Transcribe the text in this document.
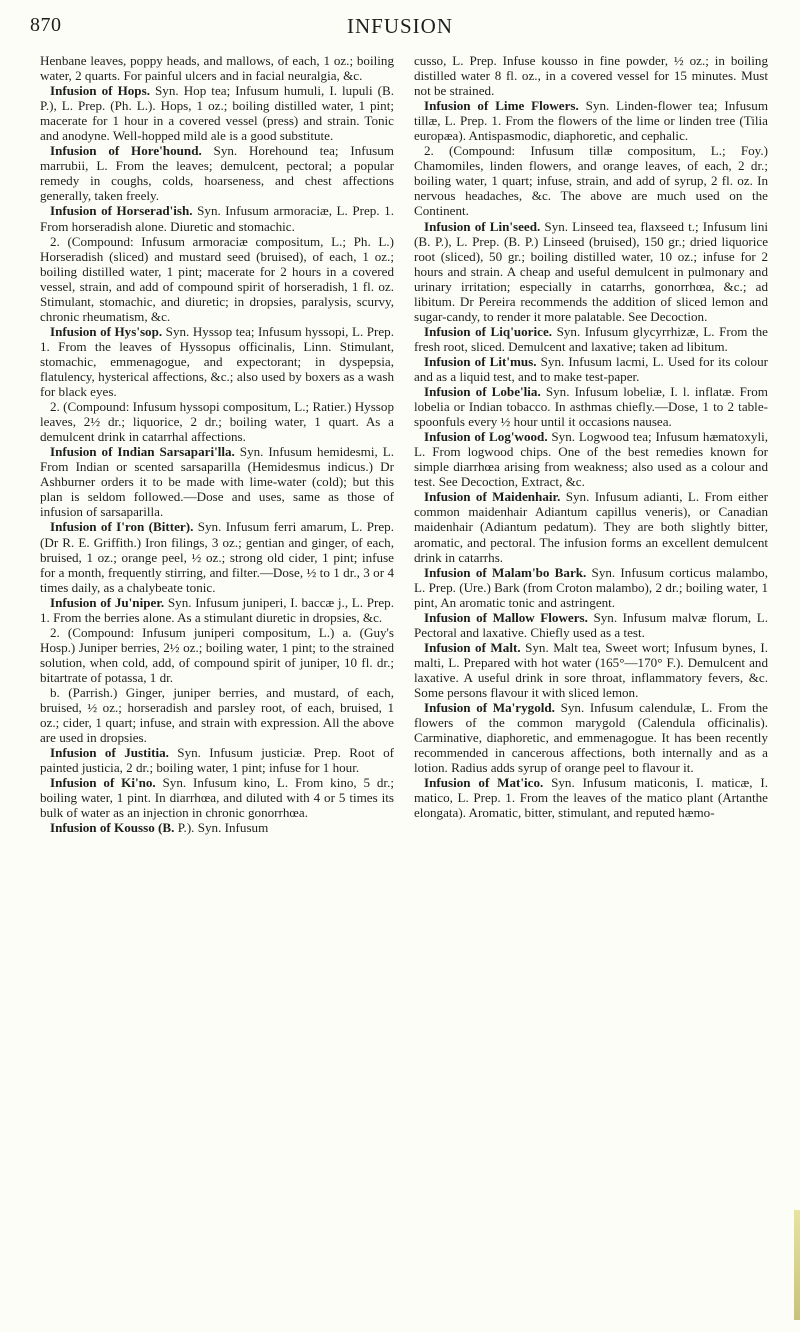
870	INFUSION

Henbane leaves, poppy heads, and mallows, of each, 1 oz.; boiling water, 2 quarts. For painful ulcers and in facial neuralgia, &c.

Infusion of Hops. Syn. Hop tea; Infusum humuli, I. lupuli (B. P.), L. Prep. (Ph. L.). Hops, 1 oz.; boiling distilled water, 1 pint; macerate for 1 hour in a covered vessel (press) and strain. Tonic and anodyne. Well-hopped mild ale is a good substitute.

Infusion of Hore'hound. Syn. Horehound tea; Infusum marrubii, L. From the leaves; demulcent, pectoral; a popular remedy in coughs, colds, hoarseness, and chest affections generally, taken freely.

Infusion of Horserad'ish. Syn. Infusum armoraciæ, L. Prep. 1. From horseradish alone. Diuretic and stomachic.

2. (Compound: Infusum armoraciæ compositum, L.; Ph. L.) Horseradish (sliced) and mustard seed (bruised), of each, 1 oz.; boiling distilled water, 1 pint; macerate for 2 hours in a covered vessel, strain, and add of compound spirit of horseradish, 1 fl. oz. Stimulant, stomachic, and diuretic; in dropsies, paralysis, scurvy, chronic rheumatism, &c.

Infusion of Hys'sop. Syn. Hyssop tea; Infusum hyssopi, L. Prep. 1. From the leaves of Hyssopus officinalis, Linn. Stimulant, stomachic, emmenagogue, and expectorant; in dyspepsia, flatulency, hysterical affections, &c.; also used by boxers as a wash for black eyes.

2. (Compound: Infusum hyssopi compositum, L.; Ratier.) Hyssop leaves, 2½ dr.; liquorice, 2 dr.; boiling water, 1 quart. As a demulcent drink in catarrhal affections.

Infusion of Indian Sarsapari'lla. Syn. Infusum hemidesmi, L. From Indian or scented sarsaparilla (Hemidesmus indicus.) Dr Ashburner orders it to be made with lime-water (cold); but this plan is seldom followed.—Dose and uses, same as those of infusion of sarsaparilla.

Infusion of I'ron (Bitter). Syn. Infusum ferri amarum, L. Prep. (Dr R. E. Griffith.) Iron filings, 3 oz.; gentian and ginger, of each, bruised, 1 oz.; orange peel, ½ oz.; strong old cider, 1 pint; infuse for a month, frequently stirring, and filter.—Dose, ½ to 1 dr., 3 or 4 times daily, as a chalybeate tonic.

Infusion of Ju'niper. Syn. Infusum juniperi, I. baccæ j., L. Prep. 1. From the berries alone. As a stimulant diuretic in dropsies, &c.

2. (Compound: Infusum juniperi compositum, L.) a. (Guy's Hosp.) Juniper berries, 2½ oz.; boiling water, 1 pint; to the strained solution, when cold, add, of compound spirit of juniper, 10 fl. dr.; bitartrate of potassa, 1 dr.

b. (Parrish.) Ginger, juniper berries, and mustard, of each, bruised, ½ oz.; horseradish and parsley root, of each, bruised, 1 oz.; cider, 1 quart; infuse, and strain with expression. All the above are used in dropsies.

Infusion of Justitia. Syn. Infusum justiciæ. Prep. Root of painted justicia, 2 dr.; boiling water, 1 pint; infuse for 1 hour.

Infusion of Ki'no. Syn. Infusum kino, L. From kino, 5 dr.; boiling water, 1 pint. In diarrhœa, and diluted with 4 or 5 times its bulk of water as an injection in chronic gonorrhœa.

Infusion of Kousso (B. P.). Syn. Infusum

cusso, L. Prep. Infuse kousso in fine powder, ½ oz.; in boiling distilled water 8 fl. oz., in a covered vessel for 15 minutes. Must not be strained.

Infusion of Lime Flowers. Syn. Linden-flower tea; Infusum tillæ, L. Prep. 1. From the flowers of the lime or linden tree (Tilia europæa). Antispasmodic, diaphoretic, and cephalic.

2. (Compound: Infusum tillæ compositum, L.; Foy.) Chamomiles, linden flowers, and orange leaves, of each, 2 dr.; boiling water, 1 quart; infuse, strain, and add of syrup, 2 fl. oz. In nervous headaches, &c. The above are much used on the Continent.

Infusion of Lin'seed. Syn. Linseed tea, flaxseed t.; Infusum lini (B. P.), L. Prep. (B. P.) Linseed (bruised), 150 gr.; dried liquorice root (sliced), 50 gr.; boiling distilled water, 10 oz.; infuse for 2 hours and strain. A cheap and useful demulcent in pulmonary and urinary irritation; especially in catarrhs, gonorrhœa, &c.; ad libitum. Dr Pereira recommends the addition of sliced lemon and sugar-candy, to render it more palatable. See Decoction.

Infusion of Liq'uorice. Syn. Infusum glycyrrhizæ, L. From the fresh root, sliced. Demulcent and laxative; taken ad libitum.

Infusion of Lit'mus. Syn. Infusum lacmi, L. Used for its colour and as a liquid test, and to make test-paper.

Infusion of Lobe'lia. Syn. Infusum lobeliæ, I. l. inflatæ. From lobelia or Indian tobacco. In asthmas chiefly.—Dose, 1 to 2 table-spoonfuls every ½ hour until it occasions nausea.

Infusion of Log'wood. Syn. Logwood tea; Infusum hæmatoxyli, L. From logwood chips. One of the best remedies known for simple diarrhœa arising from weakness; also used as a colour and test. See Decoction, Extract, &c.

Infusion of Maidenhair. Syn. Infusum adianti, L. From either common maidenhair Adiantum capillus veneris), or Canadian maidenhair (Adiantum pedatum). They are both slightly bitter, aromatic, and pectoral. The infusion forms an excellent demulcent drink in catarrhs.

Infusion of Malam'bo Bark. Syn. Infusum corticus malambo, L. Prep. (Ure.) Bark (from Croton malambo), 2 dr.; boiling water, 1 pint, An aromatic tonic and astringent.

Infusion of Mallow Flowers. Syn. Infusum malvæ florum, L. Pectoral and laxative. Chiefly used as a test.

Infusion of Malt. Syn. Malt tea, Sweet wort; Infusum bynes, I. malti, L. Prepared with hot water (165°—170° F.). Demulcent and laxative. A useful drink in sore throat, inflammatory fevers, &c. Some persons flavour it with sliced lemon.

Infusion of Ma'rygold. Syn. Infusum calendulæ, L. From the flowers of the common marygold (Calendula officinalis). Carminative, diaphoretic, and emmenagogue. It has been recently recommended in cancerous affections, both internally and as a lotion. Radius adds syrup of orange peel to flavour it.

Infusion of Mat'ico. Syn. Infusum maticonis, I. maticæ, I. matico, L. Prep. 1. From the leaves of the matico plant (Artanthe elongata). Aromatic, bitter, stimulant, and reputed hæmo-
